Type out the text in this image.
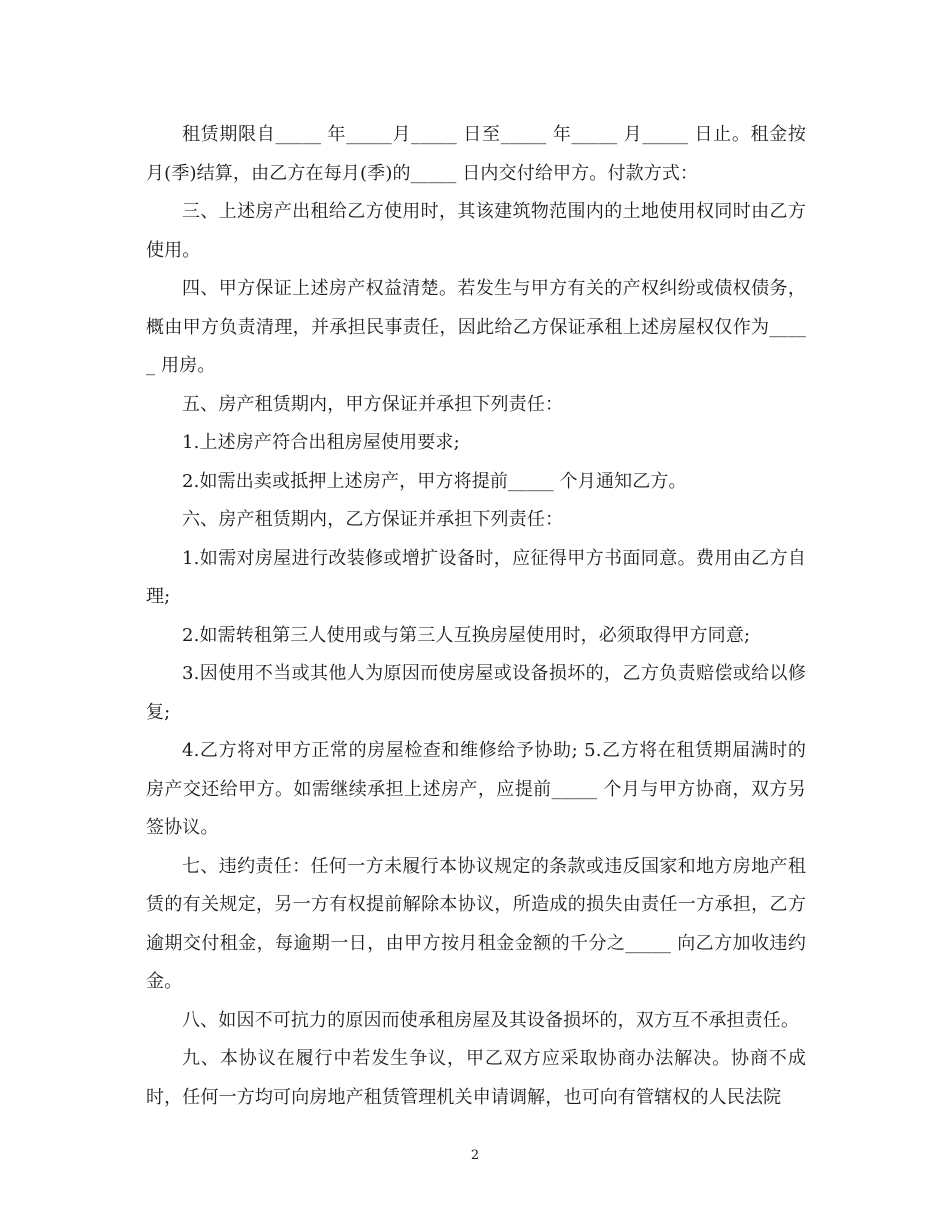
租赁期限自_____ 年_____月_____ 日至_____ 年_____ 月_____ 日止。租金按月(季)结算，由乙方在每月(季)的_____ 日内交付给甲方。付款方式：

三、上述房产出租给乙方使用时，其该建筑物范围内的土地使用权同时由乙方使用。

四、甲方保证上述房产权益清楚。若发生与甲方有关的产权纠纷或债权债务，概由甲方负责清理，并承担民事责任，因此给乙方保证承租上述房屋权仅作为_____ 用房。

五、房产租赁期内，甲方保证并承担下列责任：

1.上述房产符合出租房屋使用要求;

2.如需出卖或抵押上述房产，甲方将提前_____ 个月通知乙方。

六、房产租赁期内，乙方保证并承担下列责任：

1.如需对房屋进行改装修或增扩设备时，应征得甲方书面同意。费用由乙方自理;

2.如需转租第三人使用或与第三人互换房屋使用时，必须取得甲方同意;

3.因使用不当或其他人为原因而使房屋或设备损坏的，乙方负责赔偿或给以修复;

4.乙方将对甲方正常的房屋检查和维修给予协助; 5.乙方将在租赁期届满时的房产交还给甲方。如需继续承担上述房产，应提前_____ 个月与甲方协商，双方另签协议。

七、违约责任：任何一方未履行本协议规定的条款或违反国家和地方房地产租赁的有关规定，另一方有权提前解除本协议，所造成的损失由责任一方承担，乙方逾期交付租金，每逾期一日，由甲方按月租金金额的千分之_____ 向乙方加收违约金。

八、如因不可抗力的原因而使承租房屋及其设备损坏的，双方互不承担责任。

九、本协议在履行中若发生争议，甲乙双方应采取协商办法解决。协商不成时，任何一方均可向房地产租赁管理机关申请调解，也可向有管辖权的人民法院

2
